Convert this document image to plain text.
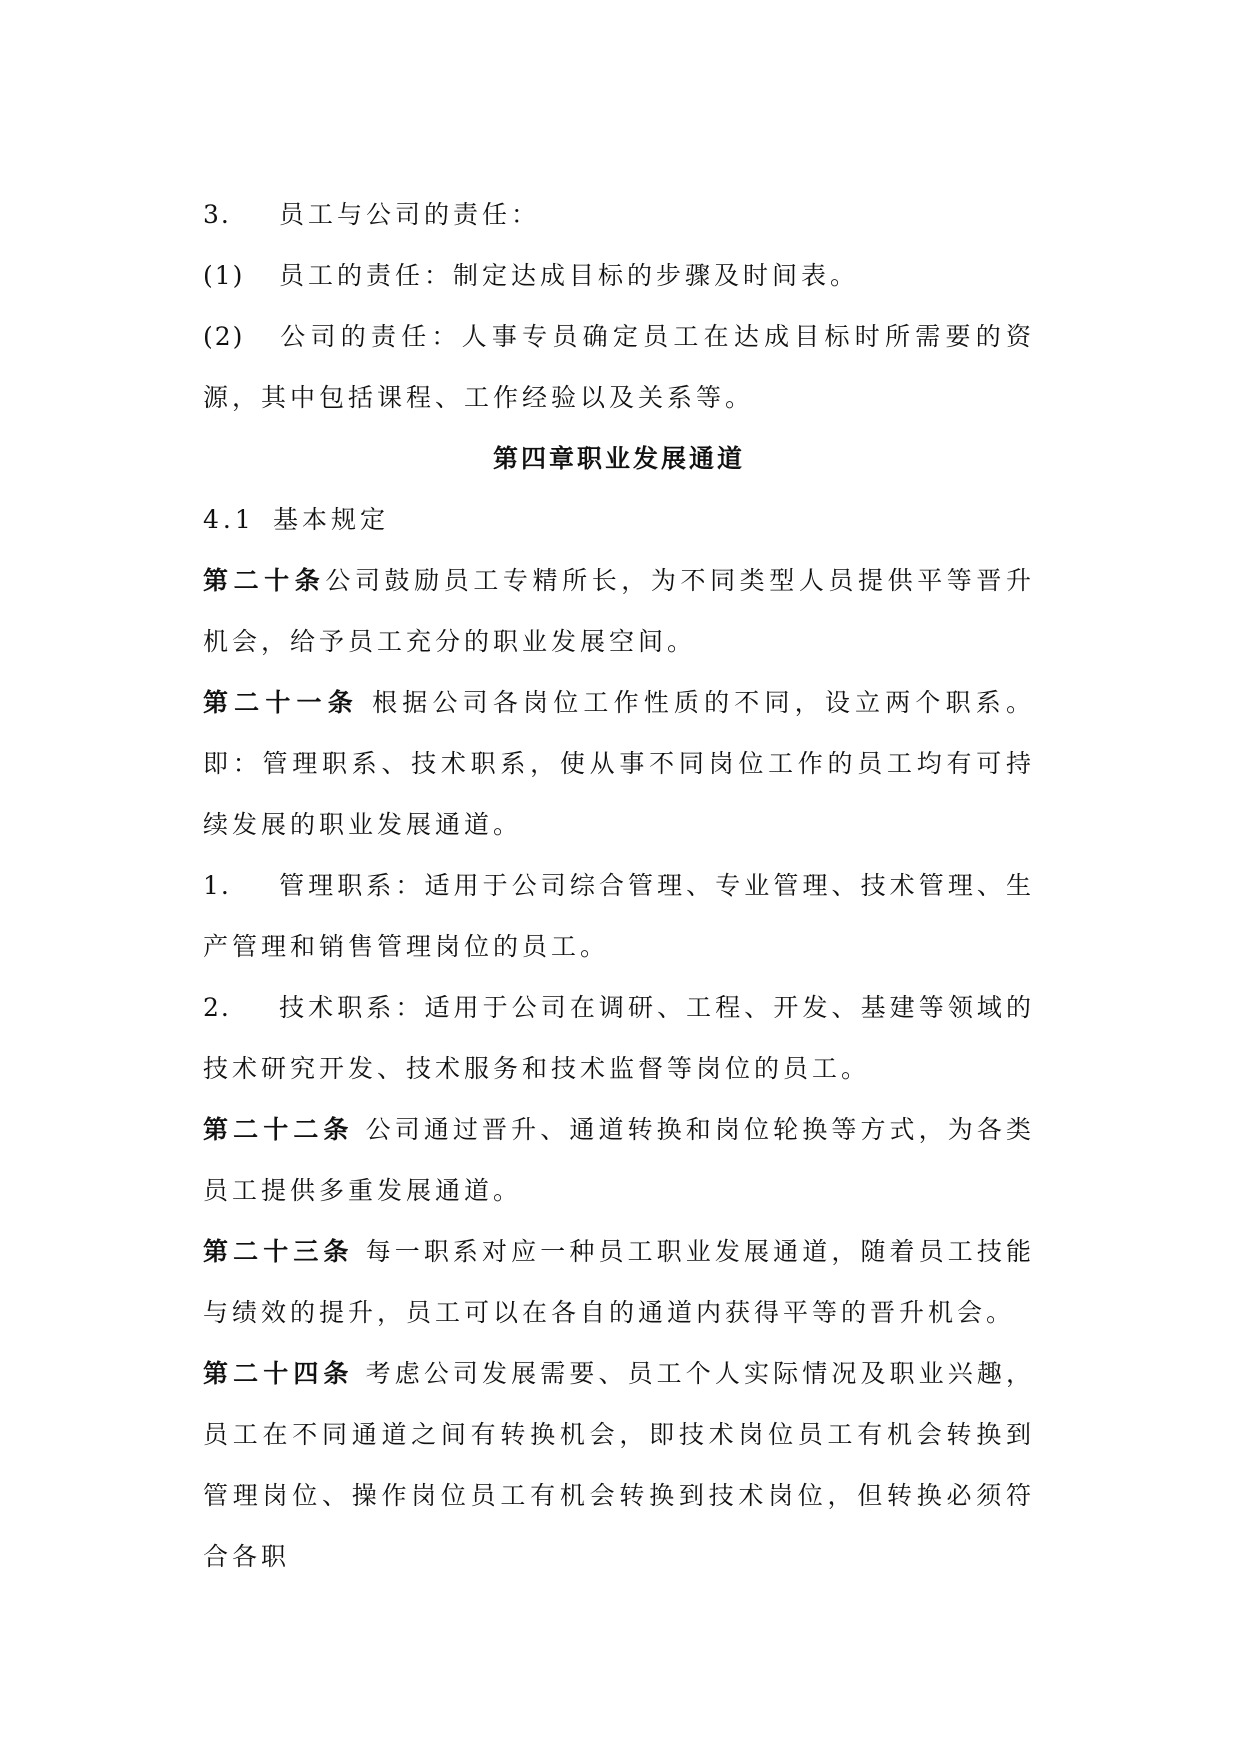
3. 员工与公司的责任：

(1) 员工的责任：制定达成目标的步骤及时间表。

(2) 公司的责任：人事专员确定员工在达成目标时所需要的资源，其中包括课程、工作经验以及关系等。

第四章职业发展通道

4.1 基本规定

第二十条公司鼓励员工专精所长，为不同类型人员提供平等晋升机会，给予员工充分的职业发展空间。

第二十一条 根据公司各岗位工作性质的不同，设立两个职系。即：管理职系、技术职系，使从事不同岗位工作的员工均有可持续发展的职业发展通道。

1. 管理职系：适用于公司综合管理、专业管理、技术管理、生产管理和销售管理岗位的员工。

2. 技术职系：适用于公司在调研、工程、开发、基建等领域的技术研究开发、技术服务和技术监督等岗位的员工。

第二十二条 公司通过晋升、通道转换和岗位轮换等方式，为各类员工提供多重发展通道。

第二十三条 每一职系对应一种员工职业发展通道，随着员工技能与绩效的提升，员工可以在各自的通道内获得平等的晋升机会。

第二十四条 考虑公司发展需要、员工个人实际情况及职业兴趣，员工在不同通道之间有转换机会，即技术岗位员工有机会转换到管理岗位、操作岗位员工有机会转换到技术岗位，但转换必须符合各职
